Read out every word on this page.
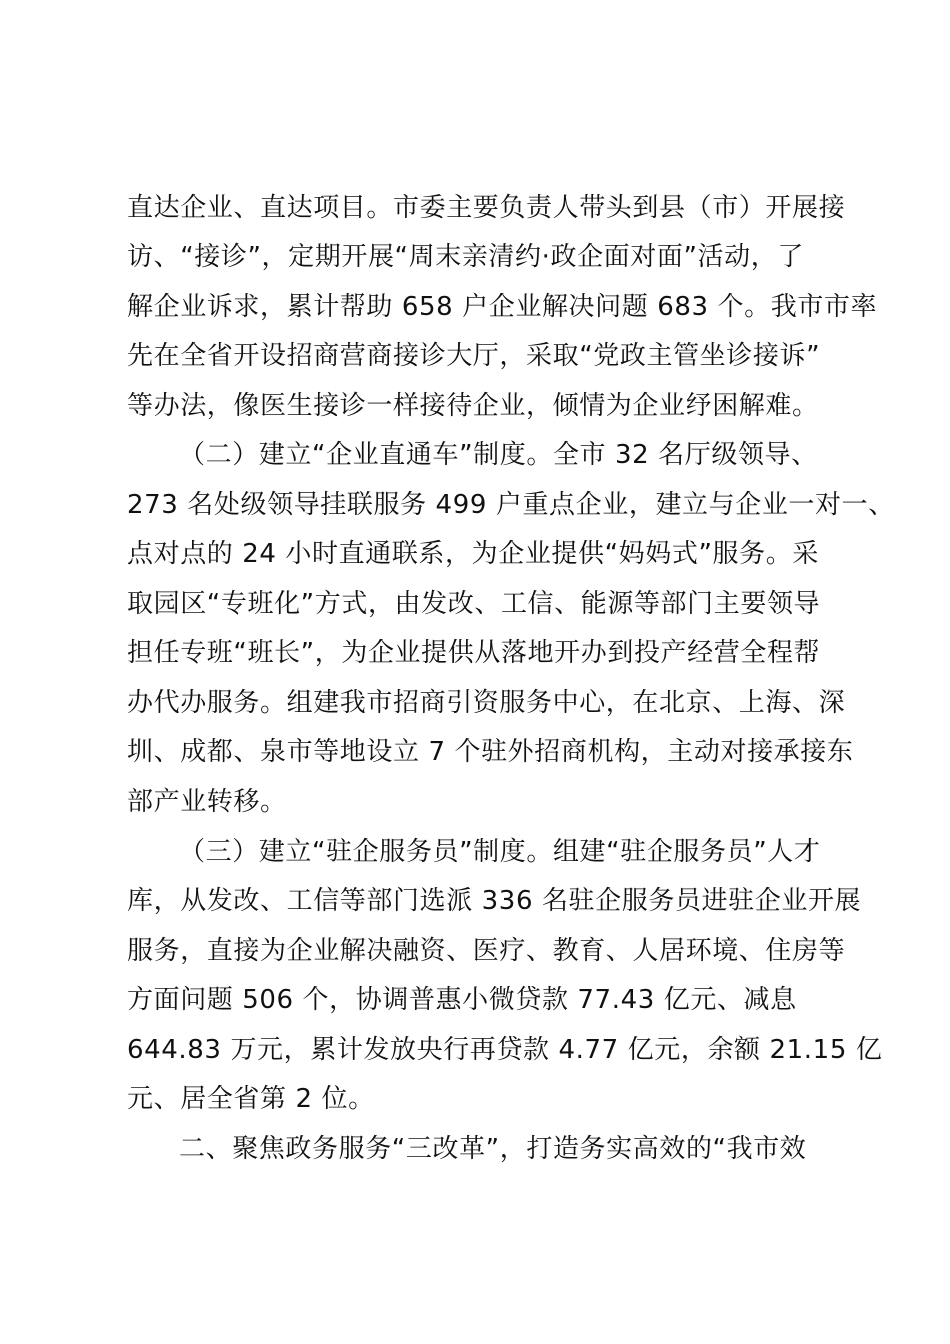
直达企业、直达项目。市委主要负责人带头到县（市）开展接
访、“接诊”，定期开展“周末亲清约·政企面对面”活动，了
解企业诉求，累计帮助 658 户企业解决问题 683 个。我市市率
先在全省开设招商营商接诊大厅，采取“党政主管坐诊接诉”
等办法，像医生接诊一样接待企业，倾情为企业纾困解难。
（二）建立“企业直通车”制度。全市 32 名厅级领导、
273 名处级领导挂联服务 499 户重点企业，建立与企业一对一、
点对点的 24 小时直通联系，为企业提供“妈妈式”服务。采
取园区“专班化”方式，由发改、工信、能源等部门主要领导
担任专班“班长”，为企业提供从落地开办到投产经营全程帮
办代办服务。组建我市招商引资服务中心，在北京、上海、深
圳、成都、泉市等地设立 7 个驻外招商机构，主动对接承接东
部产业转移。
（三）建立“驻企服务员”制度。组建“驻企服务员”人才
库，从发改、工信等部门选派 336 名驻企服务员进驻企业开展
服务，直接为企业解决融资、医疗、教育、人居环境、住房等
方面问题 506 个，协调普惠小微贷款 77.43 亿元、减息
644.83 万元，累计发放央行再贷款 4.77 亿元，余额 21.15 亿
元、居全省第 2 位。
二、聚焦政务服务“三改革”，打造务实高效的“我市效
